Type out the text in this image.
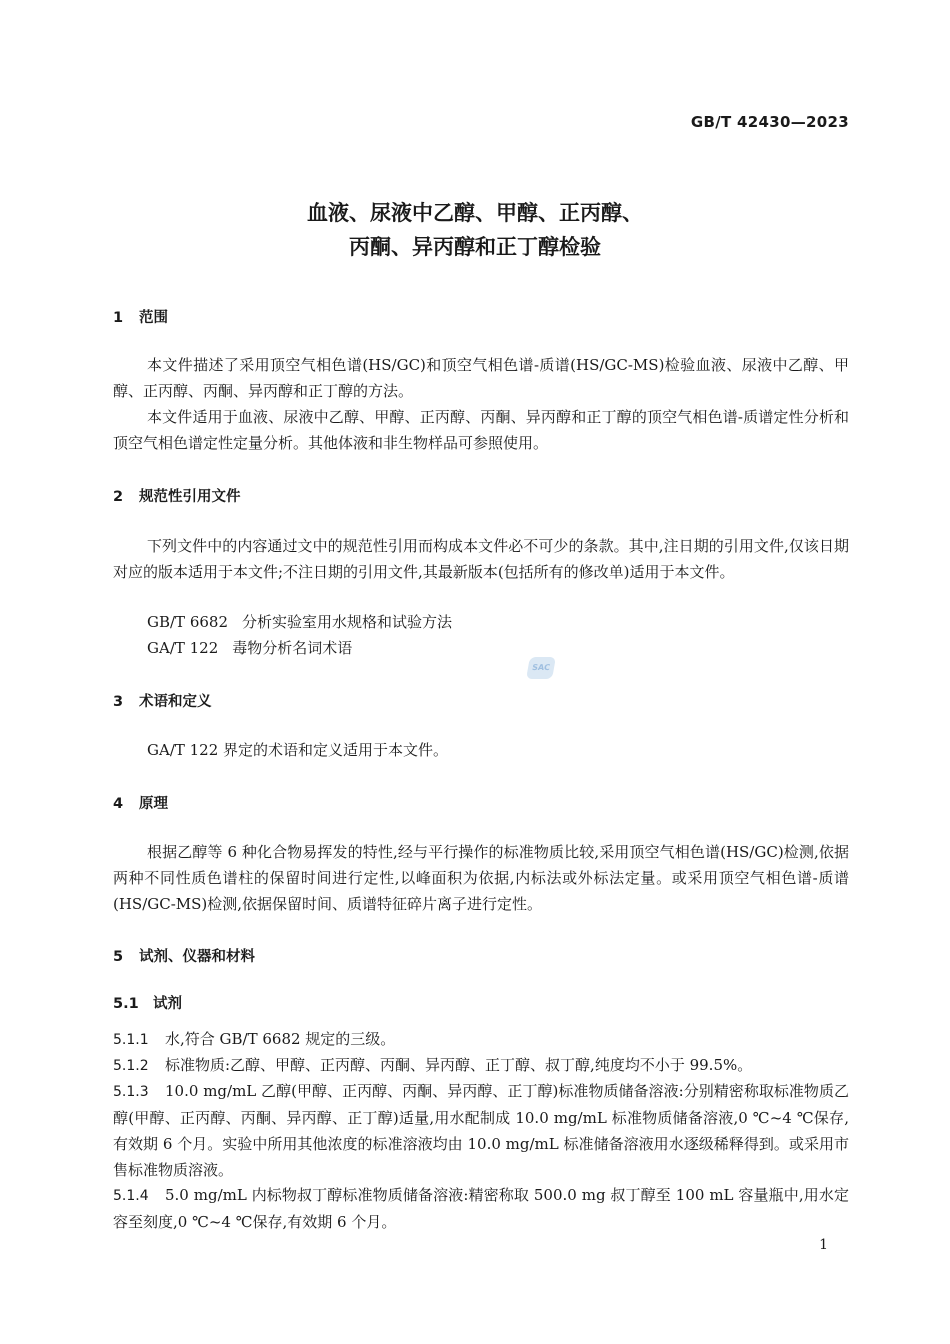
GB/T 42430—2023
血液、尿液中乙醇、甲醇、正丙醇、
丙酮、异丙醇和正丁醇检验
1 范围
本文件描述了采用顶空气相色谱(HS/GC)和顶空气相色谱-质谱(HS/GC-MS)检验血液、尿液中乙醇、甲醇、正丙醇、丙酮、异丙醇和正丁醇的方法。
本文件适用于血液、尿液中乙醇、甲醇、正丙醇、丙酮、异丙醇和正丁醇的顶空气相色谱-质谱定性分析和顶空气相色谱定性定量分析。其他体液和非生物样品可参照使用。
2 规范性引用文件
下列文件中的内容通过文中的规范性引用而构成本文件必不可少的条款。其中,注日期的引用文件,仅该日期对应的版本适用于本文件;不注日期的引用文件,其最新版本(包括所有的修改单)适用于本文件。
GB/T 6682 分析实验室用水规格和试验方法
GA/T 122 毒物分析名词术语
3 术语和定义
GA/T 122 界定的术语和定义适用于本文件。
4 原理
根据乙醇等 6 种化合物易挥发的特性,经与平行操作的标准物质比较,采用顶空气相色谱(HS/GC)检测,依据两种不同性质色谱柱的保留时间进行定性,以峰面积为依据,内标法或外标法定量。或采用顶空气相色谱-质谱(HS/GC-MS)检测,依据保留时间、质谱特征碎片离子进行定性。
5 试剂、仪器和材料
5.1 试剂
5.1.1 水,符合 GB/T 6682 规定的三级。
5.1.2 标准物质:乙醇、甲醇、正丙醇、丙酮、异丙醇、正丁醇、叔丁醇,纯度均不小于 99.5%。
5.1.3 10.0 mg/mL 乙醇(甲醇、正丙醇、丙酮、异丙醇、正丁醇)标准物质储备溶液:分别精密称取标准物质乙醇(甲醇、正丙醇、丙酮、异丙醇、正丁醇)适量,用水配制成 10.0 mg/mL 标准物质储备溶液,0 ℃~4 ℃保存,有效期 6 个月。实验中所用其他浓度的标准溶液均由 10.0 mg/mL 标准储备溶液用水逐级稀释得到。或采用市售标准物质溶液。
5.1.4 5.0 mg/mL 内标物叔丁醇标准物质储备溶液:精密称取 500.0 mg 叔丁醇至 100 mL 容量瓶中,用水定容至刻度,0 ℃~4 ℃保存,有效期 6 个月。
SAC
1
